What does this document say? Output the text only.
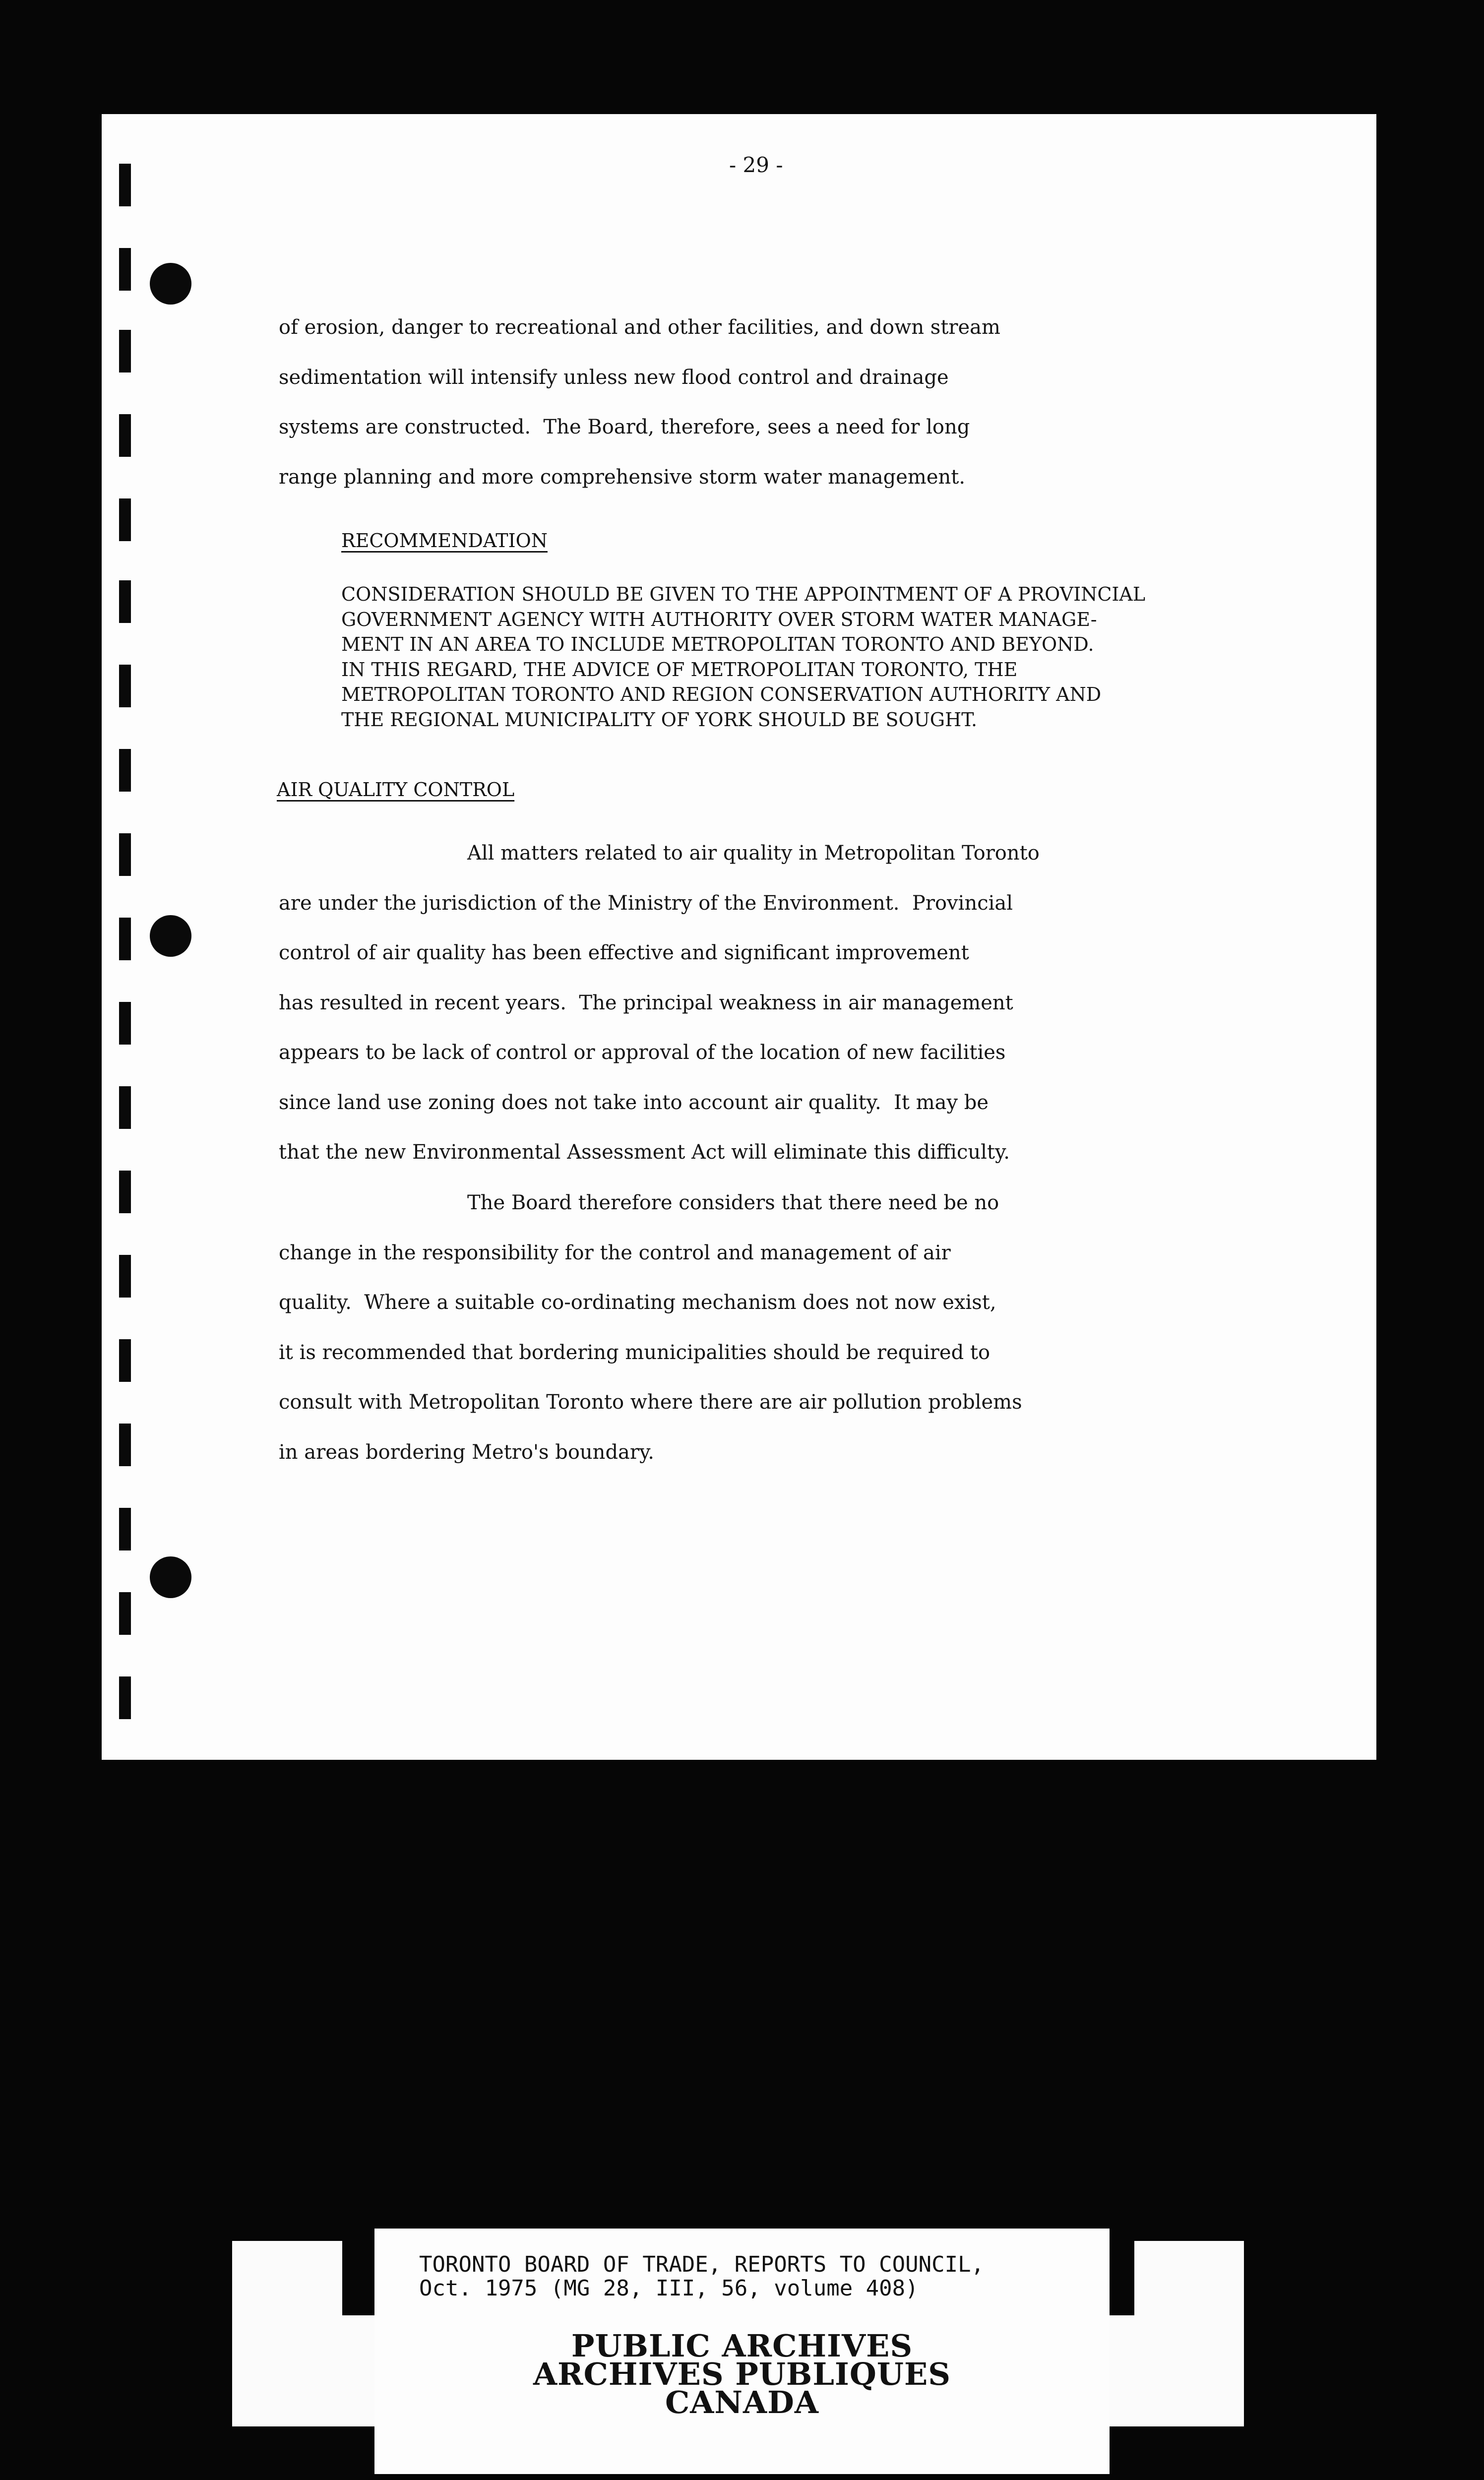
- 29 -
of erosion, danger to recreational and other facilities, and down stream
sedimentation will intensify unless new flood control and drainage
systems are constructed.  The Board, therefore, sees a need for long
range planning and more comprehensive storm water management.
RECOMMENDATION
CONSIDERATION SHOULD BE GIVEN TO THE APPOINTMENT OF A PROVINCIAL
GOVERNMENT AGENCY WITH AUTHORITY OVER STORM WATER MANAGE-
MENT IN AN AREA TO INCLUDE METROPOLITAN TORONTO AND BEYOND.
IN THIS REGARD, THE ADVICE OF METROPOLITAN TORONTO, THE
METROPOLITAN TORONTO AND REGION CONSERVATION AUTHORITY AND
THE REGIONAL MUNICIPALITY OF YORK SHOULD BE SOUGHT.
AIR QUALITY CONTROL
All matters related to air quality in Metropolitan Toronto
are under the jurisdiction of the Ministry of the Environment.  Provincial
control of air quality has been effective and significant improvement
has resulted in recent years.  The principal weakness in air management
appears to be lack of control or approval of the location of new facilities
since land use zoning does not take into account air quality.  It may be
that the new Environmental Assessment Act will eliminate this difficulty.
The Board therefore considers that there need be no
change in the responsibility for the control and management of air
quality.  Where a suitable co-ordinating mechanism does not now exist,
it is recommended that bordering municipalities should be required to
consult with Metropolitan Toronto where there are air pollution problems
in areas bordering Metro's boundary.
TORONTO BOARD OF TRADE, REPORTS TO COUNCIL,
Oct. 1975 (MG 28, III, 56, volume 408)
PUBLIC ARCHIVES
ARCHIVES PUBLIQUES
CANADA
